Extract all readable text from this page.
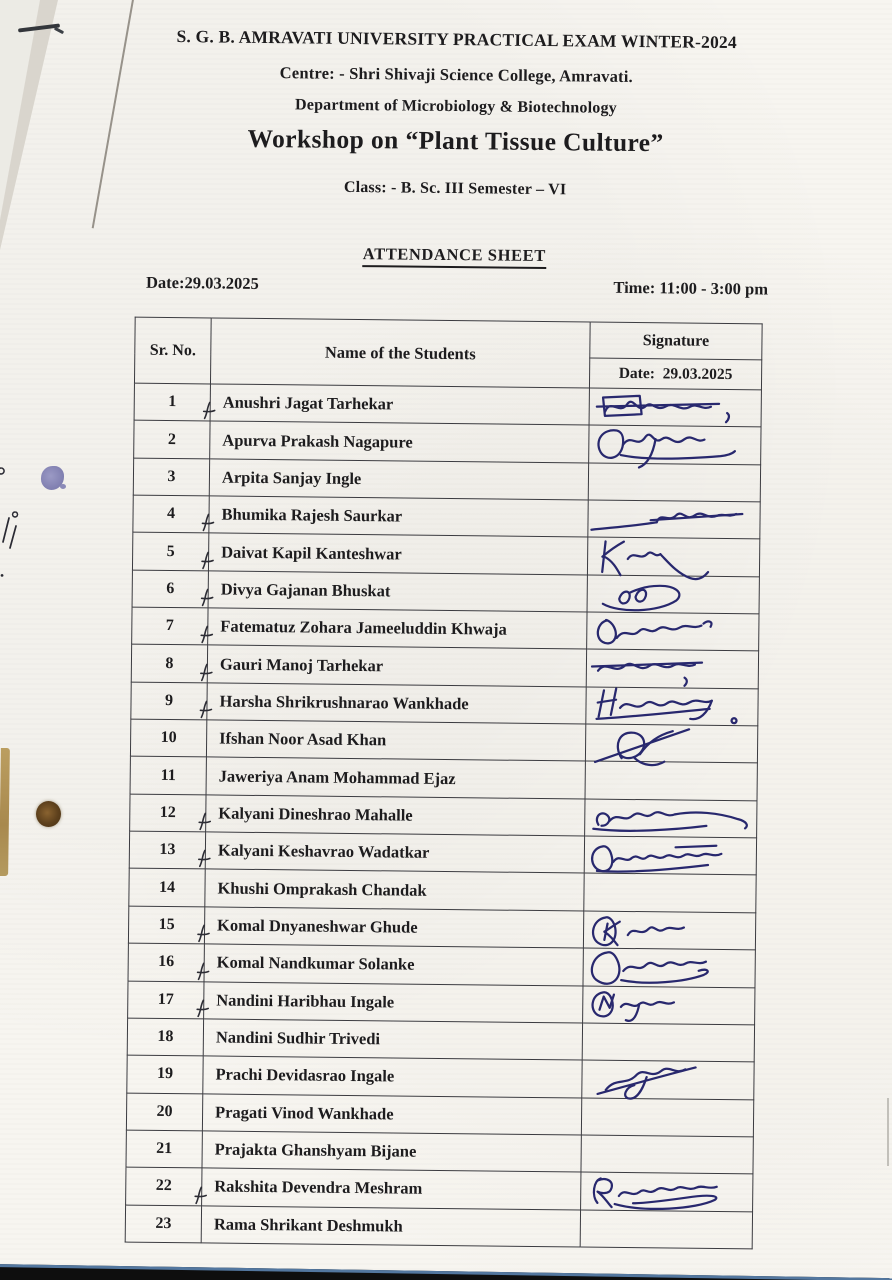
S. G. B. AMRAVATI UNIVERSITY PRACTICAL EXAM WINTER-2024
Centre: - Shri Shivaji Science College, Amravati.
Department of Microbiology & Biotechnology
Workshop on “Plant Tissue Culture”
Class: - B. Sc. III Semester – VI
ATTENDANCE SHEET
Date:29.03.2025	Time: 11:00 - 3:00 pm
Sr. No.	Name of the Students	Signature
		Date:  29.03.2025
1	Anushri Jagat Tarhekar

2	Apurva Prakash Nagapure	

3	Arpita Sanjay Ingle	
4	Bhumika Rajesh Saurkar

5	Daivat Kapil Kanteshwar

6	Divya Gajanan Bhuskat

7	Fatematuz Zohara Jameeluddin Khwaja

8	Gauri Manoj Tarhekar

9	Harsha Shrikrushnarao Wankhade

10	Ifshan Noor Asad Khan	

11	Jaweriya Anam Mohammad Ejaz	
12	Kalyani Dineshrao Mahalle

13	Kalyani Keshavrao Wadatkar

14	Khushi Omprakash Chandak	
15	Komal Dnyaneshwar Ghude

16	Komal Nandkumar Solanke

17	Nandini Haribhau Ingale

18	Nandini Sudhir Trivedi	
19	Prachi Devidasrao Ingale	

20	Pragati Vinod Wankhade	
21	Prajakta Ghanshyam Bijane	
22	Rakshita Devendra Meshram

23	Rama Shrikant Deshmukh	
